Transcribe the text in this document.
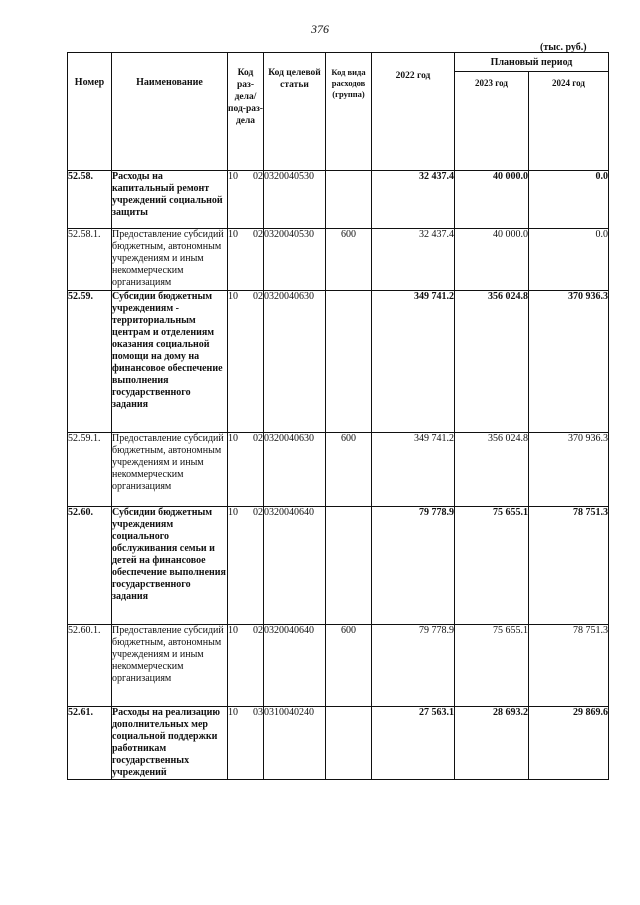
376
(тыс. руб.)
Номер	Наименование	Код раз-дела/ под-раз-дела		Код целевой статьи	Код вида расходов (группа)	2022 год	Плановый период	
							2023 год	2024 год
52.58.	Расходы на капитальный ремонт учреждений социальной защиты	10	02	0320040530		32 437.4	40 000.0	0.0
52.58.1.	Предоставление субсидий бюджетным, автономным учреждениям и иным некоммерческим организациям	10	02	0320040530	600	32 437.4	40 000.0	0.0
52.59.	Субсидии бюджетным учреждениям - территориальным центрам и отделениям оказания социальной помощи на дому на финансовое обеспечение выполнения государственного задания	10	02	0320040630		349 741.2	356 024.8	370 936.3
52.59.1.	Предоставление субсидий бюджетным, автономным учреждениям и иным некоммерческим организациям	10	02	0320040630	600	349 741.2	356 024.8	370 936.3
52.60.	Субсидии бюджетным учреждениям социального обслуживания семьи и детей на финансовое обеспечение выполнения государственного задания	10	02	0320040640		79 778.9	75 655.1	78 751.3
52.60.1.	Предоставление субсидий бюджетным, автономным учреждениям и иным некоммерческим организациям	10	02	0320040640	600	79 778.9	75 655.1	78 751.3
52.61.	Расходы на реализацию дополнительных мер социальной поддержки работникам государственных учреждений	10	03	0310040240		27 563.1	28 693.2	29 869.6
